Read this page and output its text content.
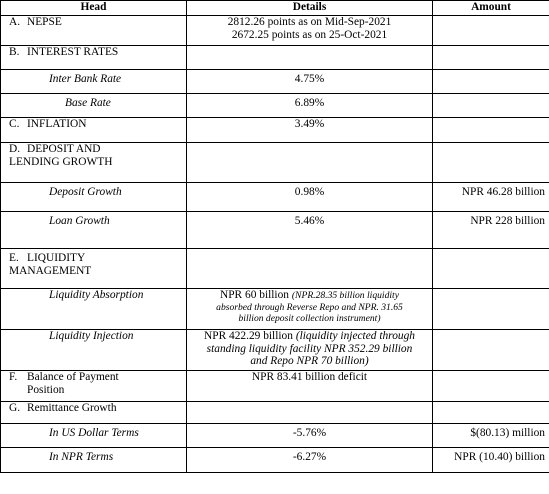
Head	Details	Amount
A. NEPSE	2812.26 points as on Mid-Sep-2021
2672.25 points as on 25-Oct-2021	

B. INTEREST RATES		
Inter Bank Rate	4.75%	
Base Rate	6.89%	
C. INFLATION	3.49%	
D. DEPOSIT AND
LENDING GROWTH		
Deposit Growth	0.98%	NPR 46.28 billion
Loan Growth	5.46%	NPR 228 billion
E. LIQUIDITY
MANAGEMENT		
Liquidity Absorption	NPR 60 billion (NPR.28.35 billion liquidity
absorbed through Reverse Repo and NPR. 31.65
billion deposit collection instrument)	

Liquidity Injection	NPR 422.29 billion (liquidity injected through
standing liquidity facility NPR 352.29 billion
and Repo NPR 70 billion)	

F. Balance of Payment
Position	NPR 83.41 billion deficit	
G. Remittance Growth		
In US Dollar Terms	-5.76%	$(80.13) million
In NPR Terms	-6.27%	NPR (10.40) billion
